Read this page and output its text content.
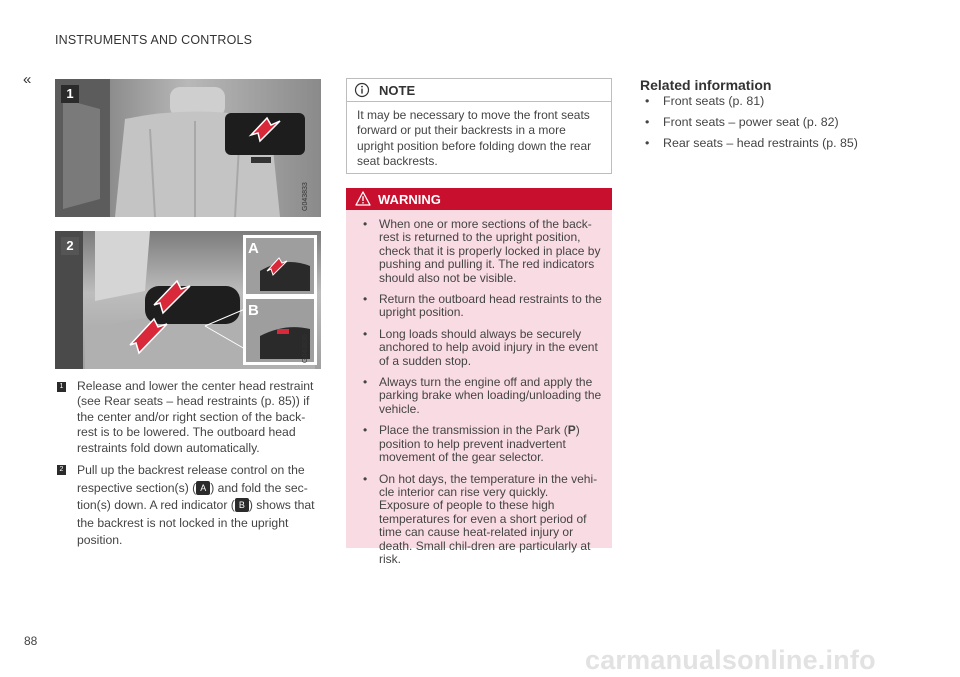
INSTRUMENTS AND CONTROLS
«
G043833
1
A
B
G043836
2
1 Release and lower the center head restraint (see Rear seats – head restraints (p. 85)) if the center and/or right section of the back-rest is to be lowered. The outboard head restraints fold down automatically.
2 Pull up the backrest release control on the respective section(s) ( A ) and fold the sec-tion(s) down. A red indicator ( B ) shows that the backrest is not locked in the upright position.
NOTE
It may be necessary to move the front seats forward or put their backrests in a more upright position before folding down the rear seat backrests.
WARNING
• When one or more sections of the back-rest is returned to the upright position, check that it is properly locked in place by pushing and pulling it. The red indicators should also not be visible.
• Return the outboard head restraints to the upright position.
• Long loads should always be securely anchored to help avoid injury in the event of a sudden stop.
• Always turn the engine off and apply the parking brake when loading/unloading the vehicle.
• Place the transmission in the Park (P) position to help prevent inadvertent movement of the gear selector.
• On hot days, the temperature in the vehi-cle interior can rise very quickly. Exposure of people to these high temperatures for even a short period of time can cause heat-related injury or death. Small chil-dren are particularly at risk.
Related information
• Front seats (p. 81)
• Front seats – power seat (p. 82)
• Rear seats – head restraints (p. 85)
88
carmanualsonline.info
